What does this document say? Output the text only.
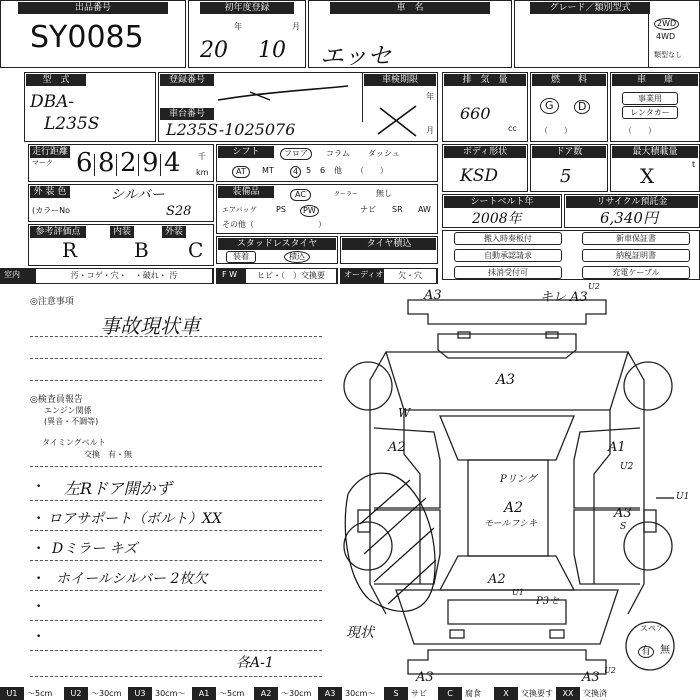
出品番号
SY0085
初年度登録
年	月
20 10
車　名
エッセ
グレード／類別型式
2WD
4WD
類型なし
型　式
DBA-
L235S
登録番号
車台番号
車検期限
年
月
L235S-1025076
排　気　量
660
cc
燃　　料
G	D
（　　）
車　　庫
事業用
レンタカー
（　　）
走行距離
マーク 6 8 2 9 4 千
km
シフト	フロア	コラム ダッシュ
AT	MT	4 5 6 他 （　　）
ボディ形状
KSD
ドア数
5
最大積載量
X	t
外 装 色
(カラーNo
シルバー
S28
装備品	AC	クーラー 無し
エアバッグ PS	PW	ナビ SR AW
その他（　　　　　　　　）
シートベルト年
2008年
リサイクル預託金
6,340円
参考評価点	内装	外装
R	B C	スタッドレスタイヤ
装着	積込
タイヤ積込
搬入時奏板付
自動承認請求
抹消受付可
新車保証書
納税証明書
充電ケーブル
室内	汚・コゲ・穴・　・破れ・ 汚	F W	ヒビ・（　）交換要	オーディオ	欠・穴
◎注意事項
事故現状車
◎検査員報告
エンジン関係
(異音・不調等)
タイミングベルト
交換　有・無
• 左Rドア開かず
• ロアサポート（ボルト）XX
• Dミラー キズ
• ホイールシルバー 2枚欠
•
•
各A-1
A3	キレ A3
U2
A3
W
A2
Pリング
A2
モールフシキ
A1
U2
A3
S
U1
A2
U1
P3セ
現状
A3	A3 U2
スペア
有 無
U1	～5cm	U2	～30cm	U3	30cm～	A1	～5cm	A2	～30cm	A3	30cm～	S	サビ	C	腐食	X	交換要す	XX	交換済
